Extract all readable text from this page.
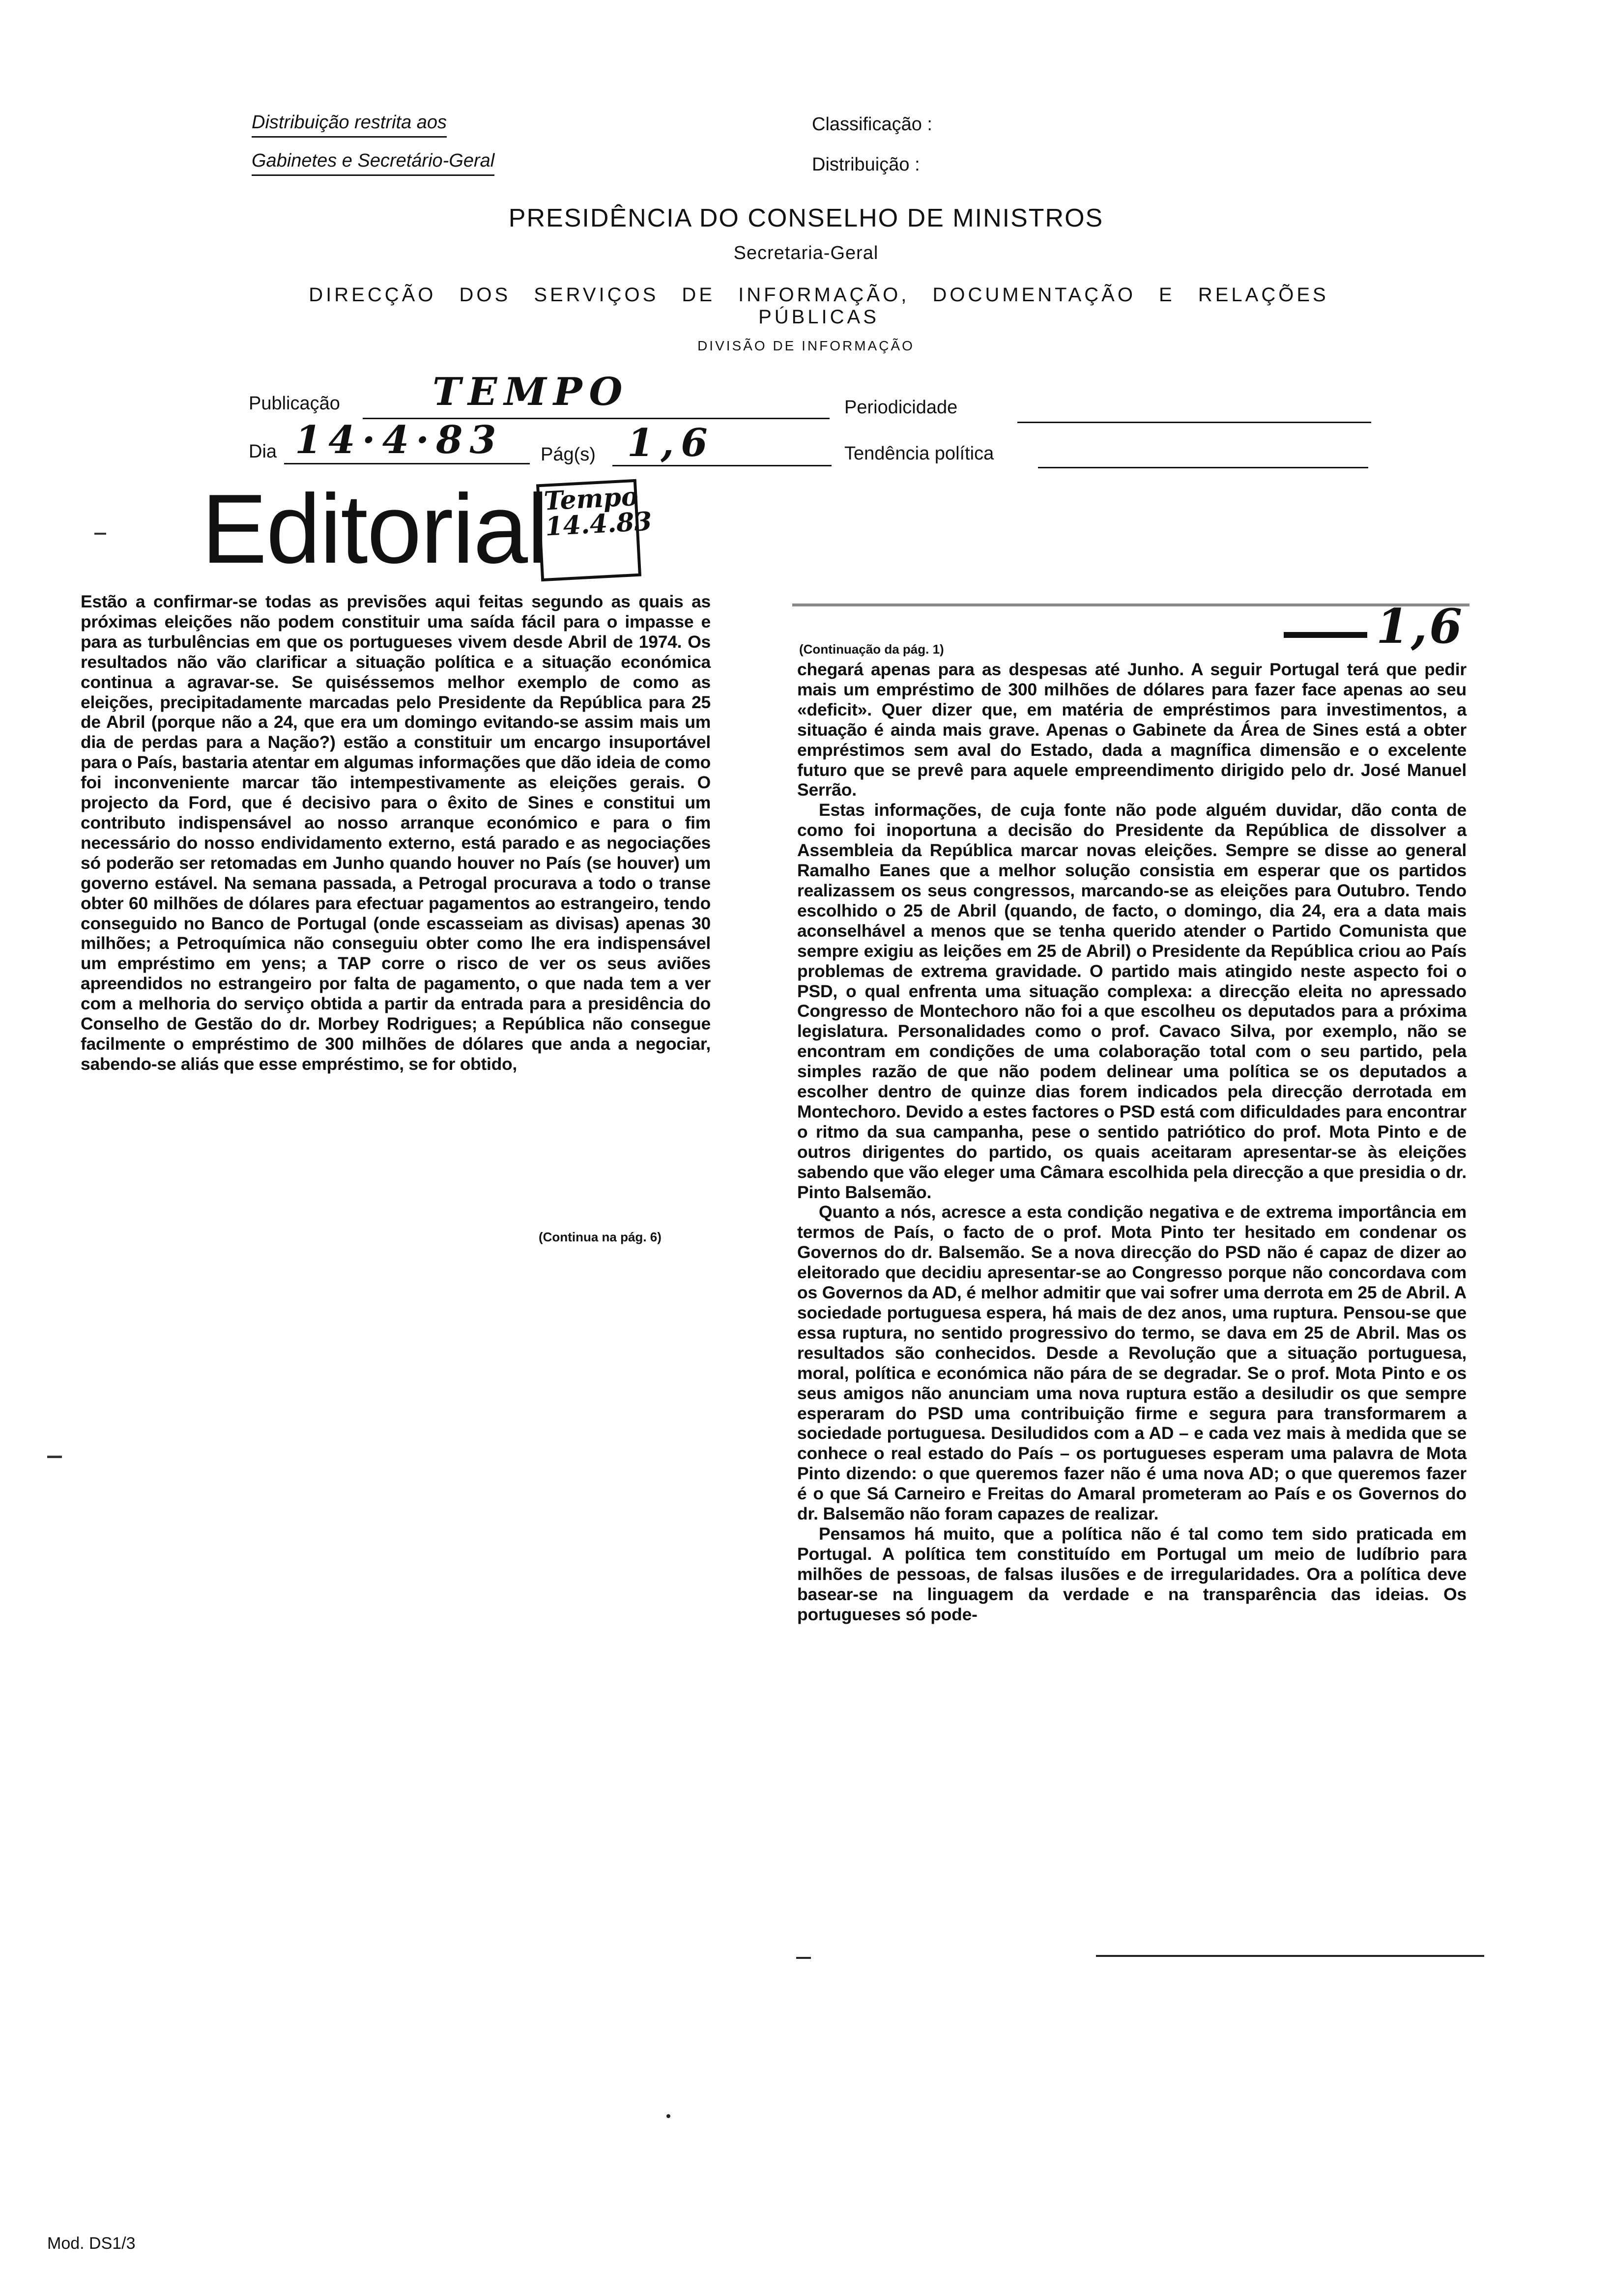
Distribuição restrita aos
Gabinetes e Secretário-Geral
Classificação :
Distribuição :
PRESIDÊNCIA DO CONSELHO DE MINISTROS
Secretaria-Geral
DIRECÇÃO DOS SERVIÇOS DE INFORMAÇÃO, DOCUMENTAÇÃO E RELAÇÕES PÚBLICAS
DIVISÃO DE INFORMAÇÃO
Publicação TEMPO	Periodicidade
Dia 14·4·83 Pág(s) 1,6	Tendência política
Editorial
Tempo 14.4.83

Estão a confirmar-se todas as previsões aqui feitas segundo as quais as próximas eleições não podem constituir uma saída fácil para o impasse e para as turbulências em que os portugueses vivem desde Abril de 1974. Os resultados não vão clarificar a situação política e a situação económica continua a agravar-se. Se quiséssemos melhor exemplo de como as eleições, precipitadamente marcadas pelo Presidente da República para 25 de Abril (porque não a 24, que era um domingo evitando-se assim mais um dia de perdas para a Nação?) estão a constituir um encargo insuportável para o País, bastaria atentar em algumas informações que dão ideia de como foi inconveniente marcar tão intempestivamente as eleições gerais. O projecto da Ford, que é decisivo para o êxito de Sines e constitui um contributo indispensável ao nosso arranque económico e para o fim necessário do nosso endividamento externo, está parado e as negociações só poderão ser retomadas em Junho quando houver no País (se houver) um governo estável. Na semana passada, a Petrogal procurava a todo o transe obter 60 milhões de dólares para efectuar pagamentos ao estrangeiro, tendo conseguido no Banco de Portugal (onde escasseiam as divisas) apenas 30 milhões; a Petroquímica não conseguiu obter como lhe era indispensável um empréstimo em yens; a TAP corre o risco de ver os seus aviões apreendidos no estrangeiro por falta de pagamento, o que nada tem a ver com a melhoria do serviço obtida a partir da entrada para a presidência do Conselho de Gestão do dr. Morbey Rodrigues; a República não consegue facilmente o empréstimo de 300 milhões de dólares que anda a negociar, sabendo-se aliás que esse empréstimo, se for obtido,

(Continua na pág. 6)
1,6
(Continuação da pág. 1)

chegará apenas para as despesas até Junho. A seguir Portugal terá que pedir mais um empréstimo de 300 milhões de dólares para fazer face apenas ao seu «deficit». Quer dizer que, em matéria de empréstimos para investimentos, a situação é ainda mais grave. Apenas o Gabinete da Área de Sines está a obter empréstimos sem aval do Estado, dada a magnífica dimensão e o excelente futuro que se prevê para aquele empreendimento dirigido pelo dr. José Manuel Serrão.

Estas informações, de cuja fonte não pode alguém duvidar, dão conta de como foi inoportuna a decisão do Presidente da República de dissolver a Assembleia da República marcar novas eleições. Sempre se disse ao general Ramalho Eanes que a melhor solução consistia em esperar que os partidos realizassem os seus congressos, marcando-se as eleições para Outubro. Tendo escolhido o 25 de Abril (quando, de facto, o domingo, dia 24, era a data mais aconselhável a menos que se tenha querido atender o Partido Comunista que sempre exigiu as leições em 25 de Abril) o Presidente da República criou ao País problemas de extrema gravidade. O partido mais atingido neste aspecto foi o PSD, o qual enfrenta uma situação complexa: a direcção eleita no apressado Congresso de Montechoro não foi a que escolheu os deputados para a próxima legislatura. Personalidades como o prof. Cavaco Silva, por exemplo, não se encontram em condições de uma colaboração total com o seu partido, pela simples razão de que não podem delinear uma política se os deputados a escolher dentro de quinze dias forem indicados pela direcção derrotada em Montechoro. Devido a estes factores o PSD está com dificuldades para encontrar o ritmo da sua campanha, pese o sentido patriótico do prof. Mota Pinto e de outros dirigentes do partido, os quais aceitaram apresentar-se às eleições sabendo que vão eleger uma Câmara escolhida pela direcção a que presidia o dr. Pinto Balsemão.

Quanto a nós, acresce a esta condição negativa e de extrema importância em termos de País, o facto de o prof. Mota Pinto ter hesitado em condenar os Governos do dr. Balsemão. Se a nova direcção do PSD não é capaz de dizer ao eleitorado que decidiu apresentar-se ao Congresso porque não concordava com os Governos da AD, é melhor admitir que vai sofrer uma derrota em 25 de Abril. A sociedade portuguesa espera, há mais de dez anos, uma ruptura. Pensou-se que essa ruptura, no sentido progressivo do termo, se dava em 25 de Abril. Mas os resultados são conhecidos. Desde a Revolução que a situação portuguesa, moral, política e económica não pára de se degradar. Se o prof. Mota Pinto e os seus amigos não anunciam uma nova ruptura estão a desiludir os que sempre esperaram do PSD uma contribuição firme e segura para transformarem a sociedade portuguesa. Desiludidos com a AD – e cada vez mais à medida que se conhece o real estado do País – os portugueses esperam uma palavra de Mota Pinto dizendo: o que queremos fazer não é uma nova AD; o que queremos fazer é o que Sá Carneiro e Freitas do Amaral prometeram ao País e os Governos do dr. Balsemão não foram capazes de realizar.

Pensamos há muito, que a política não é tal como tem sido praticada em Portugal. A política tem constituído em Portugal um meio de ludíbrio para milhões de pessoas, de falsas ilusões e de irregularidades. Ora a política deve basear-se na linguagem da verdade e na transparência das ideias. Os portugueses só pode-

Mod. DS1/3
